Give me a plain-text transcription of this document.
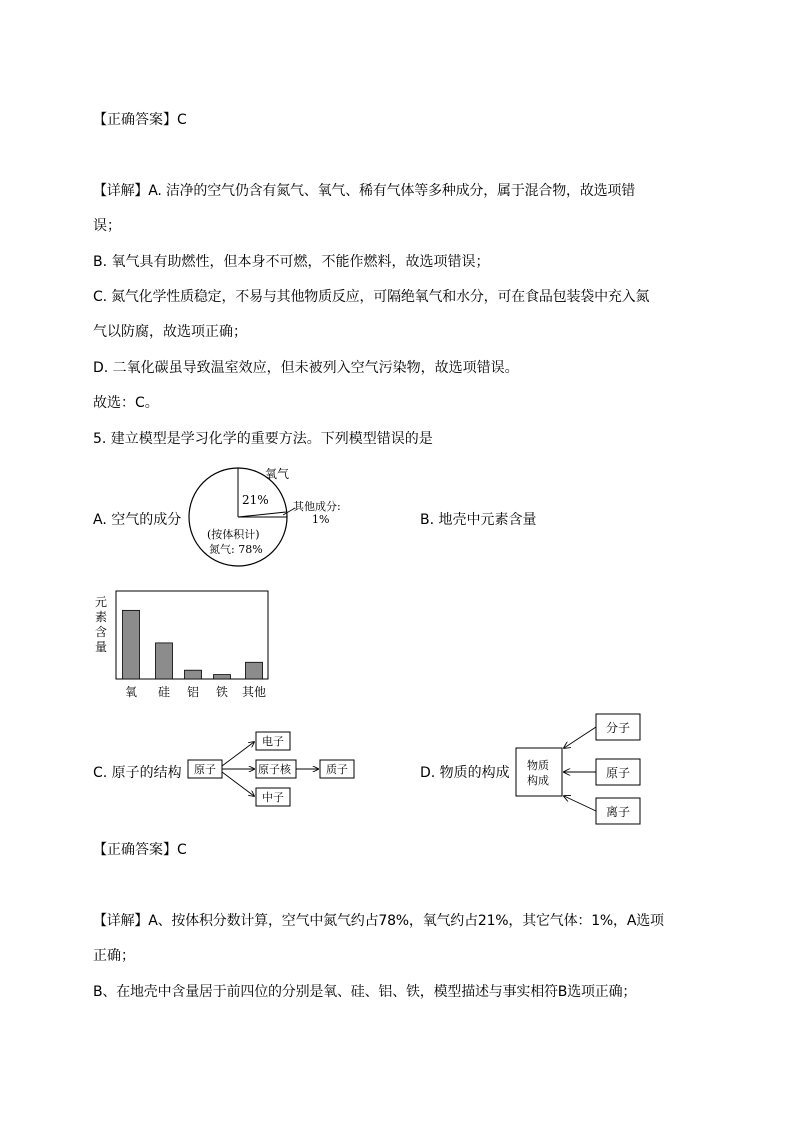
【正确答案】C
【详解】A. 洁净的空气仍含有氮气、氧气、稀有气体等多种成分，属于混合物，故选项错
误；
B. 氧气具有助燃性，但本身不可燃，不能作燃料，故选项错误；
C. 氮气化学性质稳定，不易与其他物质反应，可隔绝氧气和水分，可在食品包装袋中充入氮
气以防腐，故选项正确；
D. 二氧化碳虽导致温室效应，但未被列入空气污染物，故选项错误。
故选：C。
5. 建立模型是学习化学的重要方法。下列模型错误的是
A. 空气的成分
氧气
21% 其他成分:
1%
(按体积计)
氮气: 78%
B. 地壳中元素含量
元
素
含
量
氧 硅 铝 铁 其他
C. 原子的结构 原子
电子
原子核	质子
中子
D. 物质的构成 物质
构成
分子
原子
离子
【正确答案】C
【详解】A、按体积分数计算，空气中氮气约占78%，氧气约占21%，其它气体：1%，A选项
正确；
B、在地壳中含量居于前四位的分别是氧、硅、铝、铁，模型描述与事实相符B选项正确；
